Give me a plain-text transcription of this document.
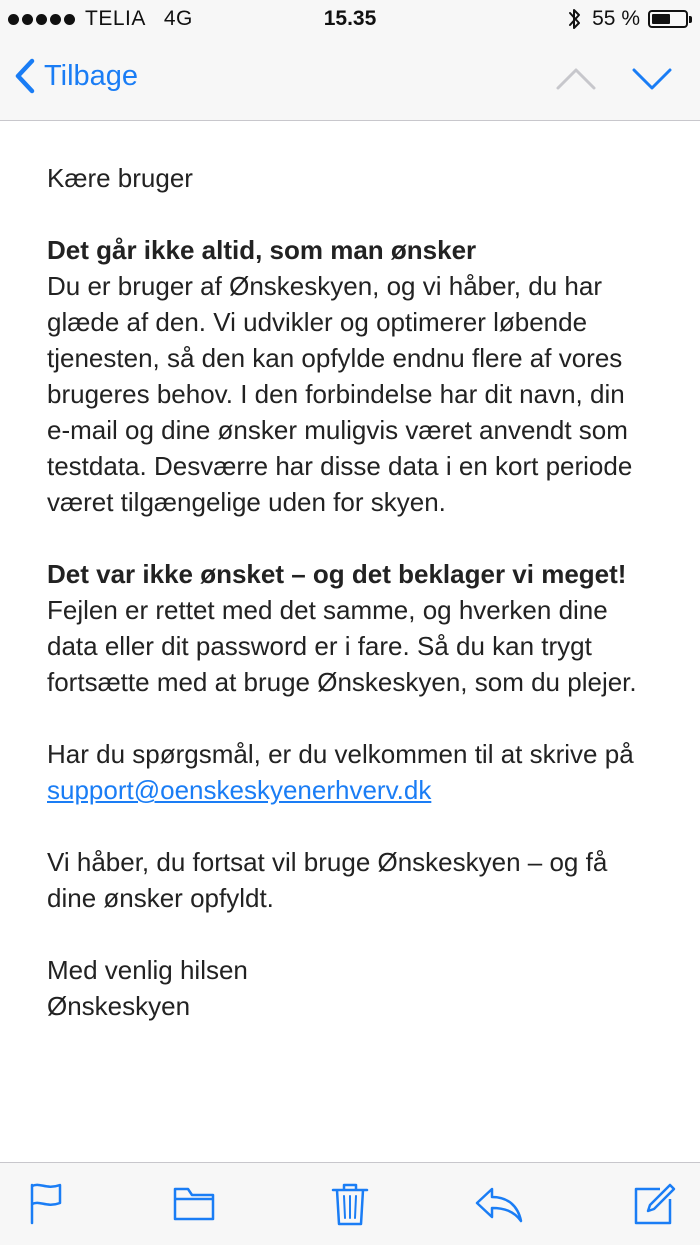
TELIA 4G	15.35	55 %
Tilbage

Kære bruger

Det går ikke altid, som man ønsker
Du er bruger af Ønskeskyen, og vi håber, du har glæde af den. Vi udvikler og optimerer løbende tjenesten, så den kan opfylde endnu flere af vores brugeres behov. I den forbindelse har dit navn, din e-mail og dine ønsker muligvis været anvendt som testdata. Desværre har disse data i en kort periode været tilgængelige uden for skyen.

Det var ikke ønsket – og det beklager vi meget!
Fejlen er rettet med det samme, og hverken dine data eller dit password er i fare. Så du kan trygt fortsætte med at bruge Ønskeskyen, som du plejer.

Har du spørgsmål, er du velkommen til at skrive på support@oenskeskyenerhverv.dk

Vi håber, du fortsat vil bruge Ønskeskyen – og få dine ønsker opfyldt.

Med venlig hilsen
Ønskeskyen
